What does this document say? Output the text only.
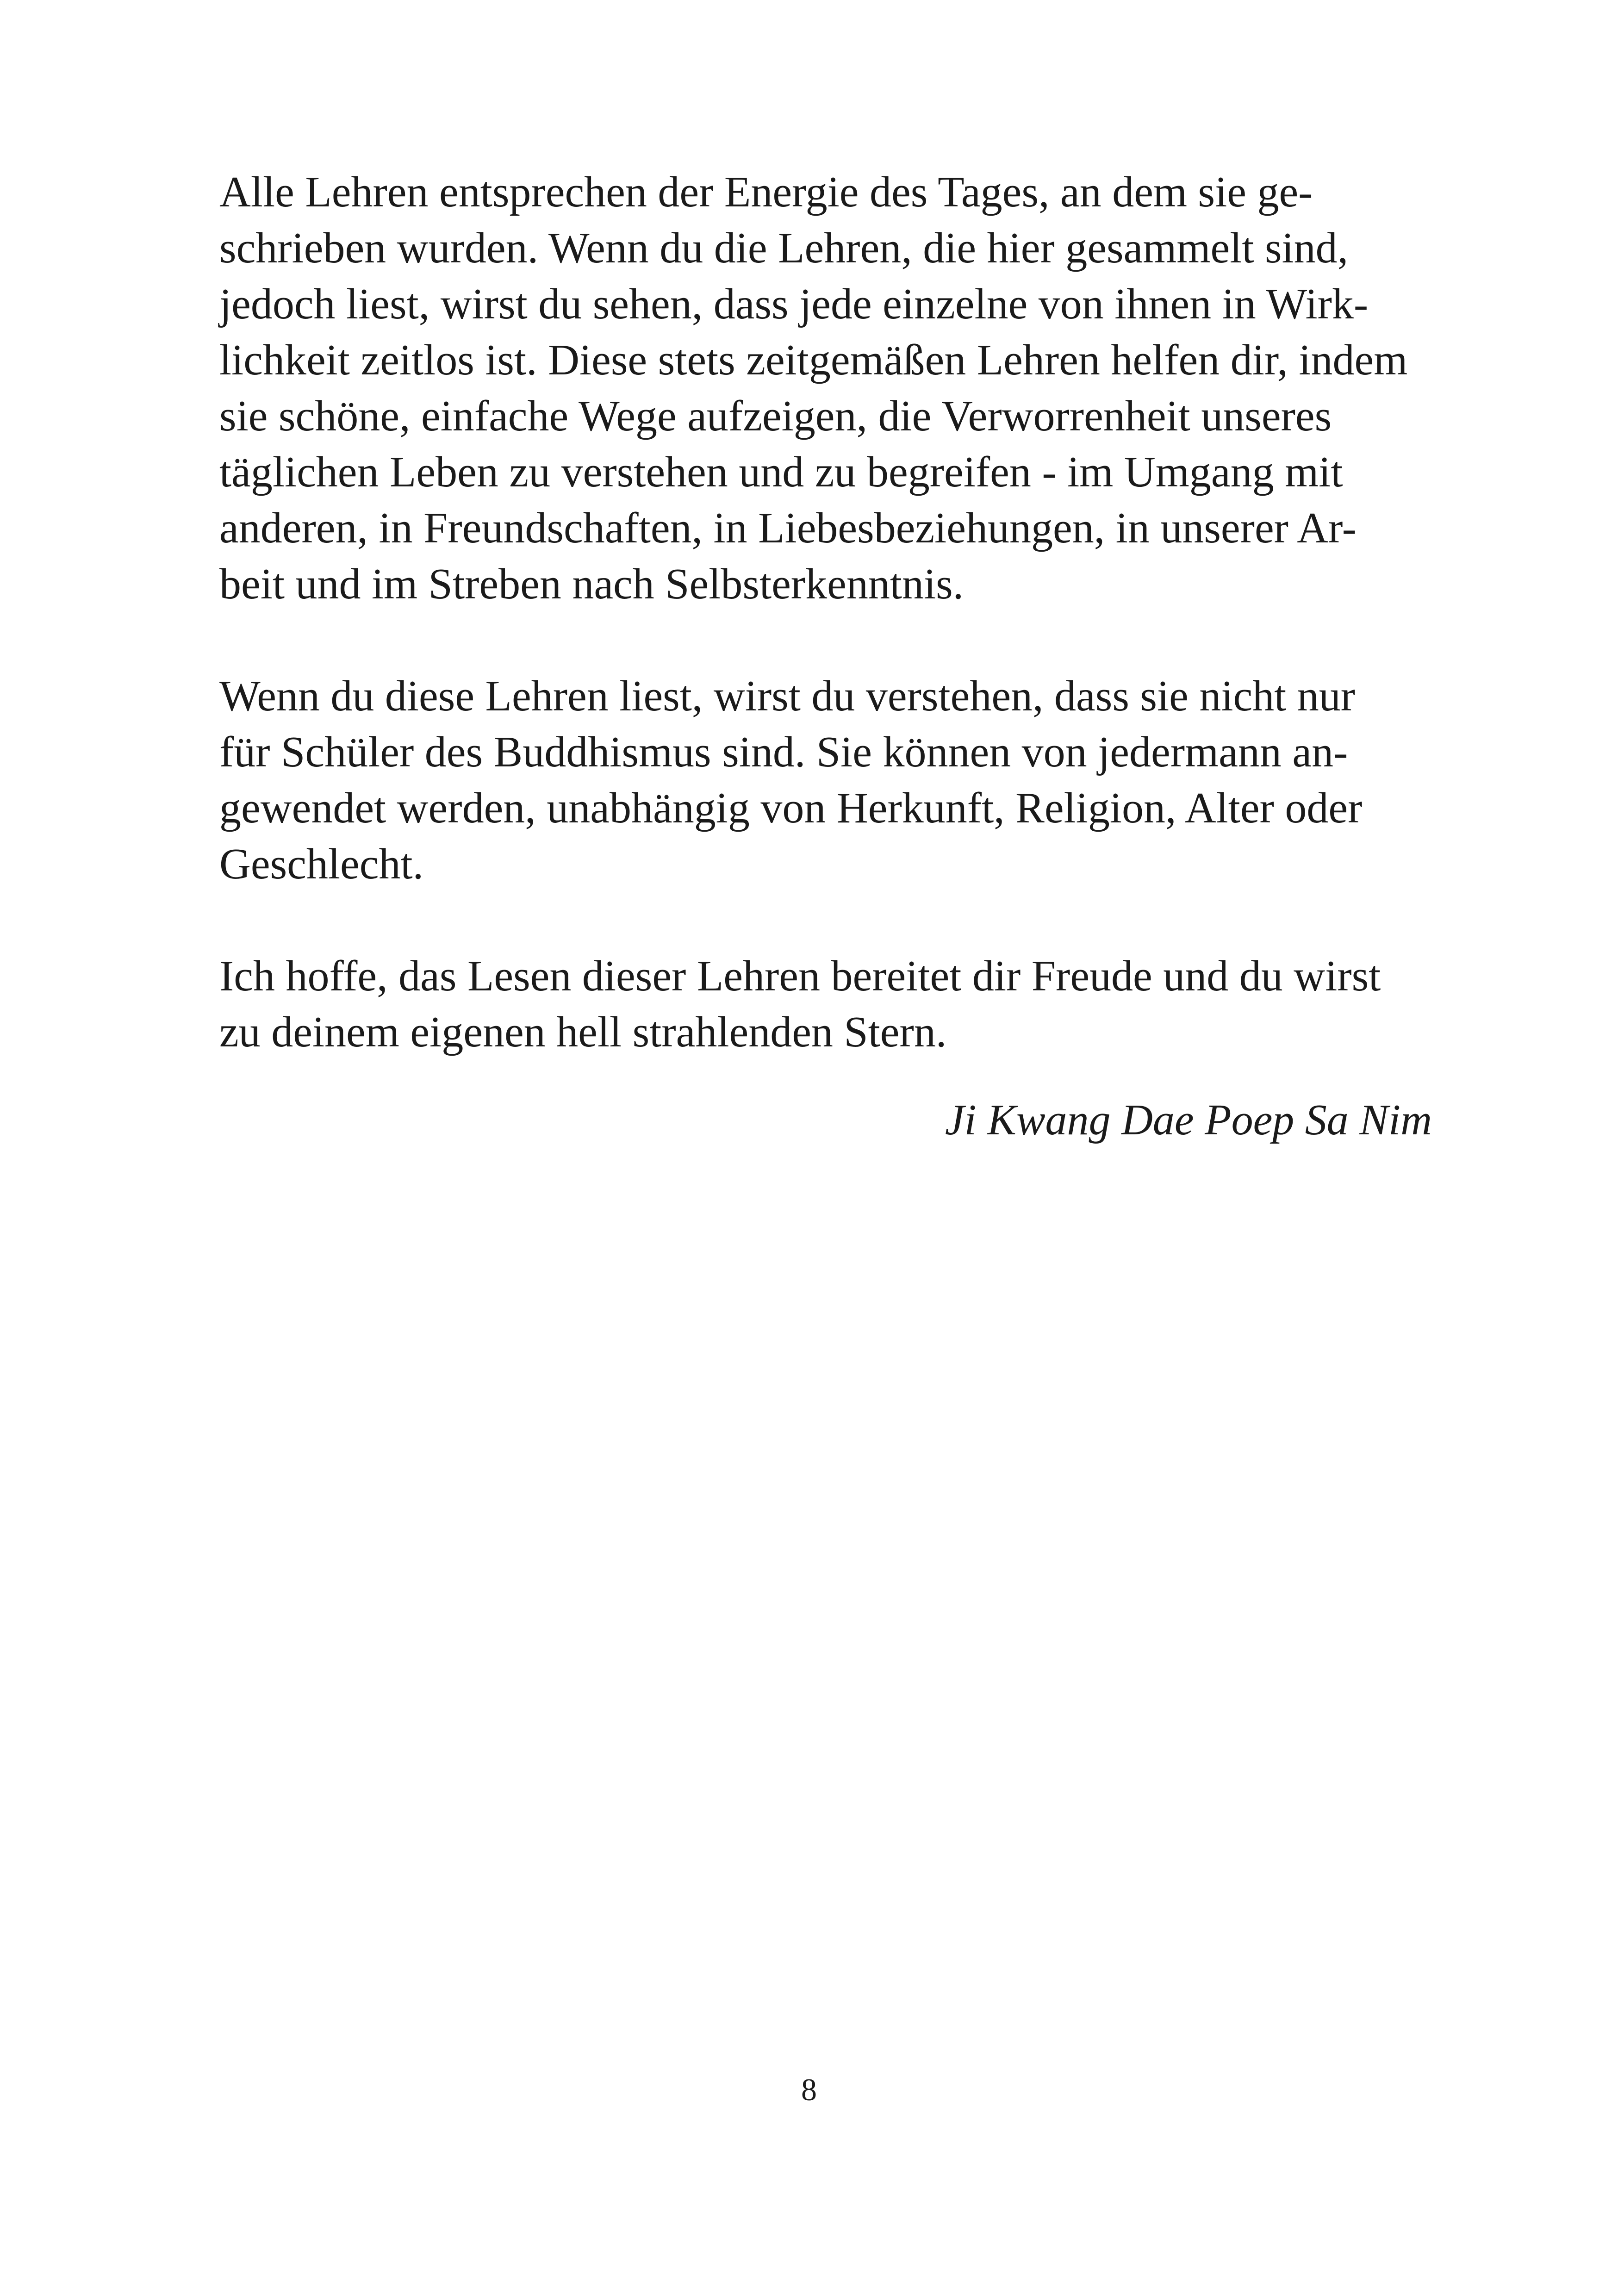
Alle Lehren entsprechen der Energie des Tages, an dem sie ge-
schrieben wurden. Wenn du die Lehren, die hier gesammelt sind,
jedoch liest, wirst du sehen, dass jede einzelne von ihnen in Wirk-
lichkeit zeitlos ist. Diese stets zeitgemäßen Lehren helfen dir, indem
sie schöne, einfache Wege aufzeigen, die Verworrenheit unseres
täglichen Leben zu verstehen und zu begreifen - im Umgang mit
anderen, in Freundschaften, in Liebesbeziehungen, in unserer Ar-
beit und im Streben nach Selbsterkenntnis.

Wenn du diese Lehren liest, wirst du verstehen, dass sie nicht nur
für Schüler des Buddhismus sind. Sie können von jedermann an-
gewendet werden, unabhängig von Herkunft, Religion, Alter oder
Geschlecht.

Ich hoffe, das Lesen dieser Lehren bereitet dir Freude und du wirst
zu deinem eigenen hell strahlenden Stern.

Ji Kwang Dae Poep Sa Nim
8
